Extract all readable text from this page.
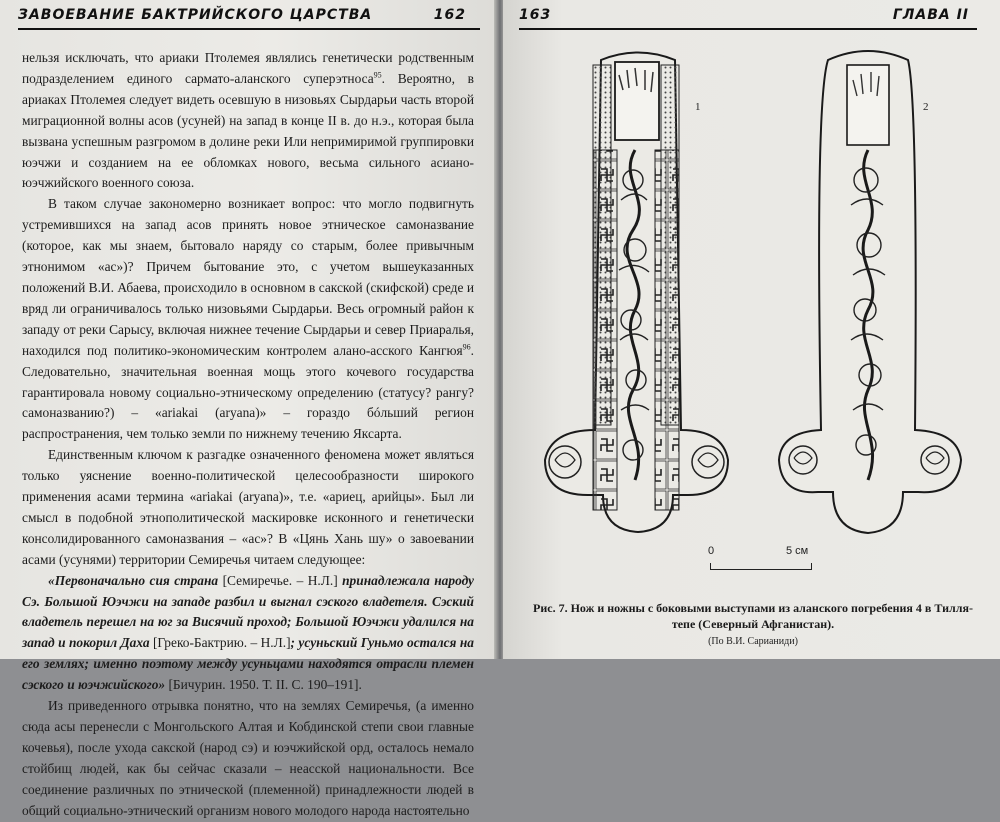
ЗАВОЕВАНИЕ БАКТРИЙСКОГО ЦАРСТВА	162

нельзя исключать, что ариаки Птолемея являлись генетически родственным подразделением единого сармато-аланского суперэтноса$^{95}$. Вероятно, в ариаках Птолемея следует видеть осевшую в низовьях Сырдарьи часть второй миграционной волны асов (усуней) на запад в конце II в. до н.э., которая была вызвана успешным разгромом в долине реки Или непримиримой группировки юэчжи и созданием на ее обломках нового, весьма сильного асиано-юэчжийского военного союза.

В таком случае закономерно возникает вопрос: что могло подвигнуть устремившихся на запад асов принять новое этническое самоназвание (которое, как мы знаем, бытовало наряду со старым, более привычным этнонимом «ас»)? Причем бытование это, с учетом вышеуказанных положений В.И. Абаева, происходило в основном в сакской (скифской) среде и вряд ли ограничивалось только низовьями Сырдарьи. Весь огромный район к западу от реки Сарысу, включая нижнее течение Сырдарьи и север Приаралья, находился под политико-экономическим контролем алано-асского Кангюя$^{96}$. Следовательно, значительная военная мощь этого кочевого государства гарантировала новому социально-этническому определению (статусу? рангу? самоназванию?) – «ariakai (aryana)» – гораздо бóльший регион распространения, чем только земли по нижнему течению Яксарта.

Единственным ключом к разгадке означенного феномена может являться только уяснение военно-политической целесообразности широкого применения асами термина «ariakai (aryana)», т.е. «ариец, арийцы». Был ли смысл в подобной этнополитической маскировке исконного и генетически консолидированного самоназвания – «ас»? В «Цянь Хань шу» о завоевании асами (усунями) территории Семиречья читаем следующее:

«Первоначально сия страна [Семиречье. – Н.Л.] принадлежала народу Сэ. Большой Юэчжи на западе разбил и выгнал сэского владетеля. Сэский владетель перешел на юг за Висячий проход; Большой Юэчжи удалился на запад и покорил Даха [Греко-Бактрию. – Н.Л.]; усуньский Гуньмо остался на его землях; именно поэтому между усуньцами находятся отрасли племен сэского и юэчжийского» [Бичурин. 1950. Т. II. С. 190–191].

Из приведенного отрывка понятно, что на землях Семиречья, (а именно сюда асы перенесли с Монгольского Алтая и Кобдинской степи свои главные кочевья), после ухода сакской (народ сэ) и юэчжийской орд, осталось немало стойбищ людей, как бы сейчас сказали – неасской национальности. Все соединение различных по этнической (племенной) принадлежности людей в общий социально-этнический организм нового молодого народа настоятельно

163	ГЛАВА II
1	2
0	5 см
Рис. 7. Нож и ножны с боковыми выступами из аланского погребения 4 в Тилля-тепе (Северный Афганистан).
(По В.И. Сарианиди)
